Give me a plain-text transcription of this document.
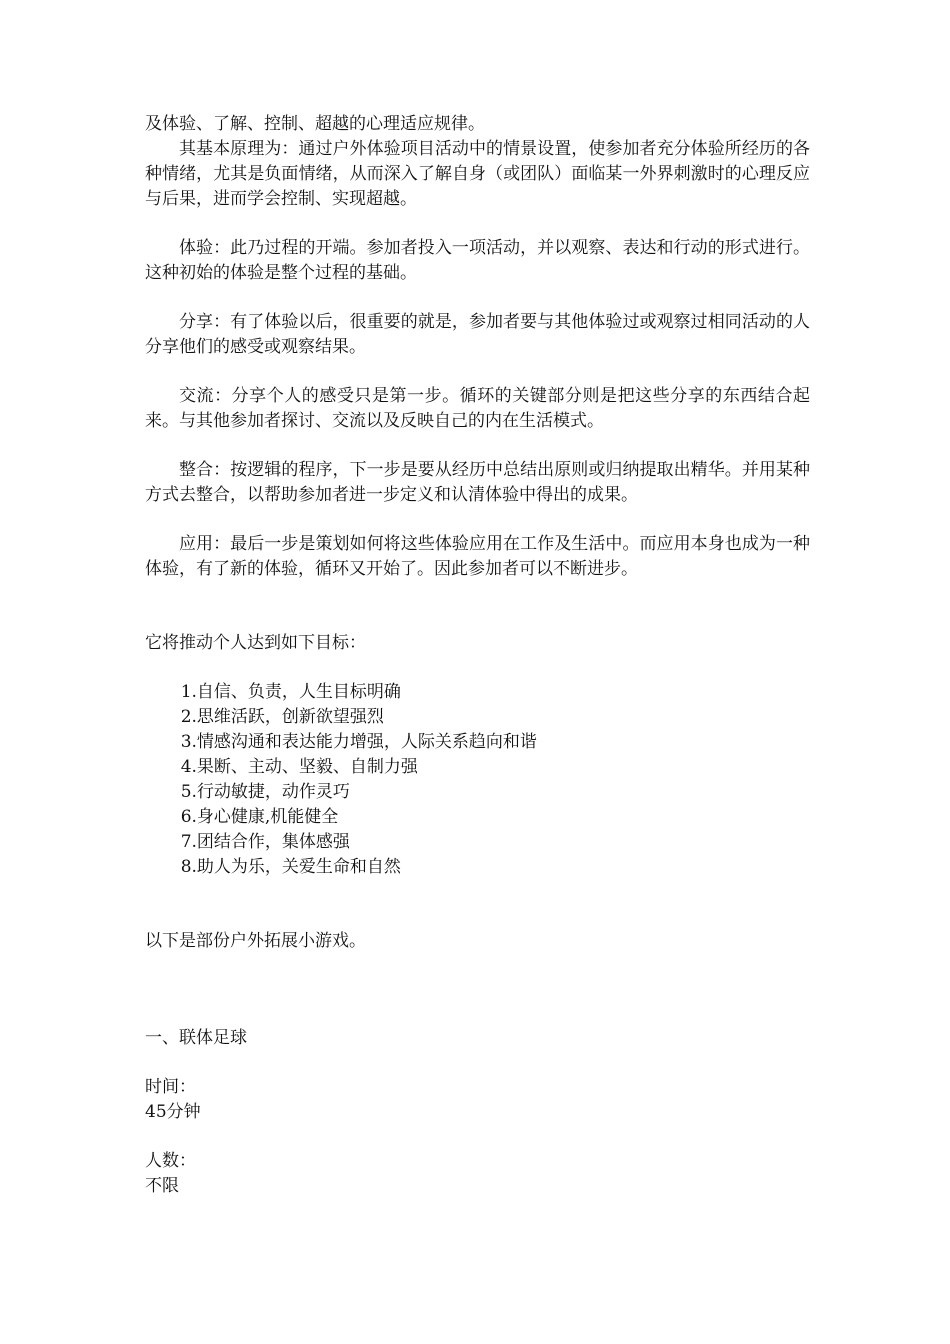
及体验、了解、控制、超越的心理适应规律。

其基本原理为：通过户外体验项目活动中的情景设置，使参加者充分体验所经历的各种情绪，尤其是负面情绪，从而深入了解自身（或团队）面临某一外界刺激时的心理反应与后果，进而学会控制、实现超越。

体验：此乃过程的开端。参加者投入一项活动，并以观察、表达和行动的形式进行。这种初始的体验是整个过程的基础。

分享：有了体验以后，很重要的就是，参加者要与其他体验过或观察过相同活动的人分享他们的感受或观察结果。

交流：分享个人的感受只是第一步。循环的关键部分则是把这些分享的东西结合起来。与其他参加者探讨、交流以及反映自己的内在生活模式。

整合：按逻辑的程序，下一步是要从经历中总结出原则或归纳提取出精华。并用某种方式去整合，以帮助参加者进一步定义和认清体验中得出的成果。

应用：最后一步是策划如何将这些体验应用在工作及生活中。而应用本身也成为一种体验，有了新的体验，循环又开始了。因此参加者可以不断进步。

它将推动个人达到如下目标：

1.自信、负责，人生目标明确
2.思维活跃，创新欲望强烈
3.情感沟通和表达能力增强，人际关系趋向和谐
4.果断、主动、坚毅、自制力强
5.行动敏捷，动作灵巧
6.身心健康,机能健全
7.团结合作，集体感强
8.助人为乐，关爱生命和自然

以下是部份户外拓展小游戏。

一、联体足球

时间：

45分钟

人数：

不限
